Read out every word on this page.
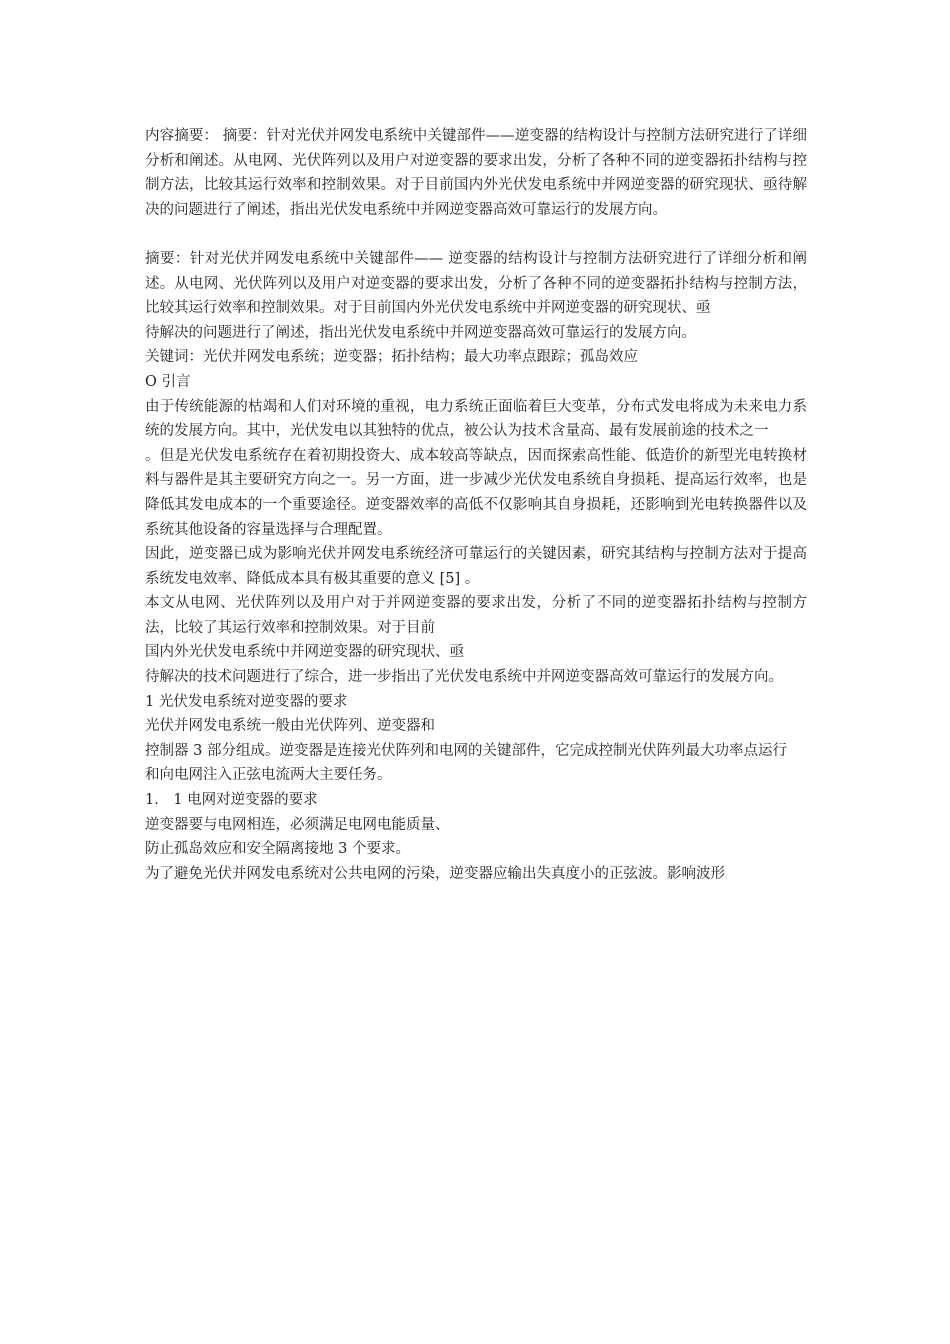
内容摘要： 摘要：针对光伏并网发电系统中关键部件——逆变器的结构设计与控制方法研究进行了详细分析和阐述。从电网、光伏阵列以及用户对逆变器的要求出发，分析了各种不同的逆变器拓扑结构与控制方法，比较其运行效率和控制效果。对于目前国内外光伏发电系统中并网逆变器的研究现状、亟待解决的问题进行了阐述，指出光伏发电系统中并网逆变器高效可靠运行的发展方向。

摘要：针对光伏并网发电系统中关键部件—— 逆变器的结构设计与控制方法研究进行了详细分析和阐述。从电网、光伏阵列以及用户对逆变器的要求出发，分析了各种不同的逆变器拓扑结构与控制方法，比较其运行效率和控制效果。对于目前国内外光伏发电系统中并网逆变器的研究现状、亟

待解决的问题进行了阐述，指出光伏发电系统中并网逆变器高效可靠运行的发展方向。

关键词：光伏并网发电系统；逆变器；拓扑结构；最大功率点跟踪；孤岛效应

O 引言

由于传统能源的枯竭和人们对环境的重视，电力系统正面临着巨大变革，分布式发电将成为未来电力系统的发展方向。其中，光伏发电以其独特的优点，被公认为技术含量高、最有发展前途的技术之一

。但是光伏发电系统存在着初期投资大、成本较高等缺点，因而探索高性能、低造价的新型光电转换材料与器件是其主要研究方向之一。另一方面，进一步减少光伏发电系统自身损耗、提高运行效率，也是降低其发电成本的一个重要途径。逆变器效率的高低不仅影响其自身损耗，还影响到光电转换器件以及系统其他设备的容量选择与合理配置。

因此，逆变器已成为影响光伏并网发电系统经济可靠运行的关键因素，研究其结构与控制方法对于提高系统发电效率、降低成本具有极其重要的意义 [5] 。

本文从电网、光伏阵列以及用户对于并网逆变器的要求出发，分析了不同的逆变器拓扑结构与控制方法，比较了其运行效率和控制效果。对于目前

国内外光伏发电系统中并网逆变器的研究现状、亟

待解决的技术问题进行了综合，进一步指出了光伏发电系统中并网逆变器高效可靠运行的发展方向。

1 光伏发电系统对逆变器的要求

光伏并网发电系统一般由光伏阵列、逆变器和

控制器 3 部分组成。逆变器是连接光伏阵列和电网的关键部件，它完成控制光伏阵列最大功率点运行

和向电网注入正弦电流两大主要任务。

1． 1 电网对逆变器的要求

逆变器要与电网相连，必须满足电网电能质量、

防止孤岛效应和安全隔离接地 3 个要求。

为了避免光伏并网发电系统对公共电网的污染，逆变器应输出失真度小的正弦波。影响波形
